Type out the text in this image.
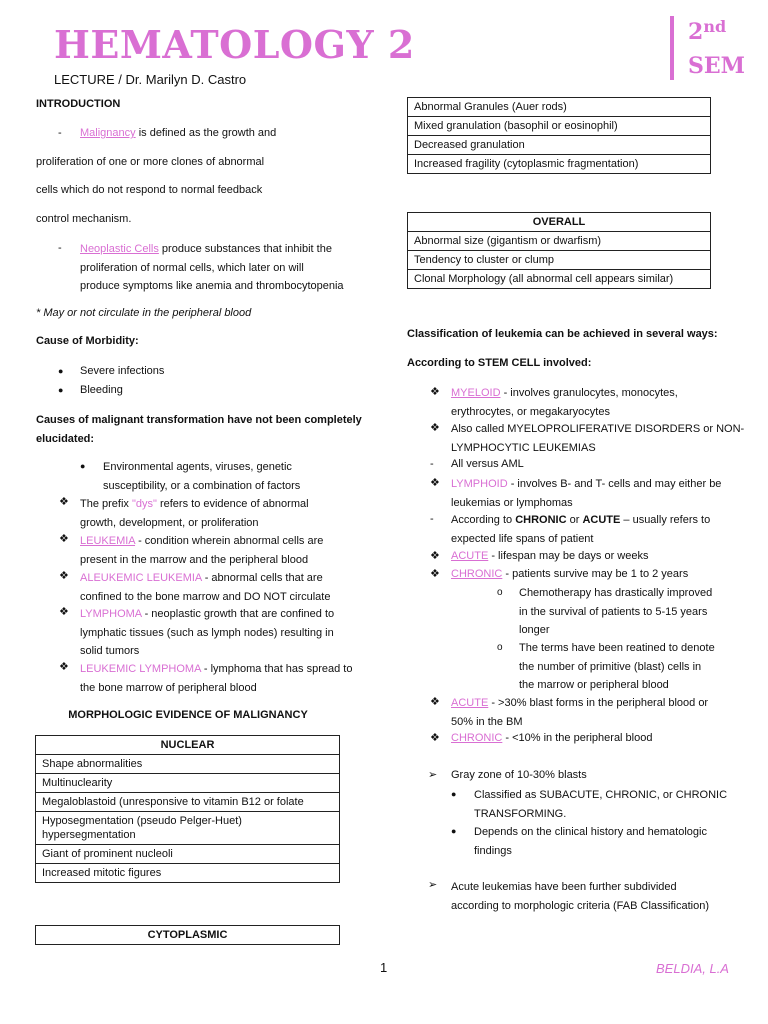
HEMATOLOGY 2
LECTURE / Dr. Marilyn D. Castro
2nd
SEM
INTRODUCTION
- Malignancy is defined as the growth and
proliferation of one or more clones of abnormal
cells which do not respond to normal feedback
control mechanism.
- Neoplastic Cells produce substances that inhibit the
proliferation of normal cells, which later on will
produce symptoms like anemia and thrombocytopenia
* May or not circulate in the peripheral blood
Cause of Morbidity:
● Severe infections
● Bleeding
Causes of malignant transformation have not been completely
elucidated:
● Environmental agents, viruses, genetic
susceptibility, or a combination of factors
❖ The prefix "dys" refers to evidence of abnormal
growth, development, or proliferation
❖ LEUKEMIA - condition wherein abnormal cells are
present in the marrow and the peripheral blood
❖ ALEUKEMIC LEUKEMIA - abnormal cells that are
confined to the bone marrow and DO NOT circulate
❖ LYMPHOMA - neoplastic growth that are confined to
lymphatic tissues (such as lymph nodes) resulting in
solid tumors
❖ LEUKEMIC LYMPHOMA - lymphoma that has spread to
the bone marrow of peripheral blood
MORPHOLOGIC EVIDENCE OF MALIGNANCY
NUCLEAR
Shape abnormalities
Multinuclearity
Megaloblastoid (unresponsive to vitamin B12 or folate

Hyposegmentation (pseudo Pelger-Huet)
hypersegmentation

Giant of prominent nucleoli
Increased mitotic figures
CYTOPLASMIC
Abnormal Granules (Auer rods)
Mixed granulation (basophil or eosinophil)
Decreased granulation
Increased fragility (cytoplasmic fragmentation)
OVERALL
Abnormal size (gigantism or dwarfism)
Tendency to cluster or clump
Clonal Morphology (all abnormal cell appears similar)
Classification of leukemia can be achieved in several ways:
According to STEM CELL involved:
❖ MYELOID - involves granulocytes, monocytes,
erythrocytes, or megakaryocytes
❖ Also called MYELOPROLIFERATIVE DISORDERS or NON-
LYMPHOCYTIC LEUKEMIAS
- All versus AML
❖ LYMPHOID - involves B- and T- cells and may either be
leukemias or lymphomas
- According to CHRONIC or ACUTE – usually refers to
expected life spans of patient
❖ ACUTE - lifespan may be days or weeks
❖ CHRONIC - patients survive may be 1 to 2 years
o Chemotherapy has drastically improved
in the survival of patients to 5-15 years
longer
o The terms have been reatined to denote
the number of primitive (blast) cells in
the marrow or peripheral blood
❖ ACUTE - >30% blast forms in the peripheral blood or
50% in the BM
❖ CHRONIC - <10% in the peripheral blood
➢ Gray zone of 10-30% blasts
● Classified as SUBACUTE, CHRONIC, or CHRONIC
TRANSFORMING.
● Depends on the clinical history and hematologic
findings
➢ Acute leukemias have been further subdivided
according to morphologic criteria (FAB Classification)
1	BELDIA, L.A
